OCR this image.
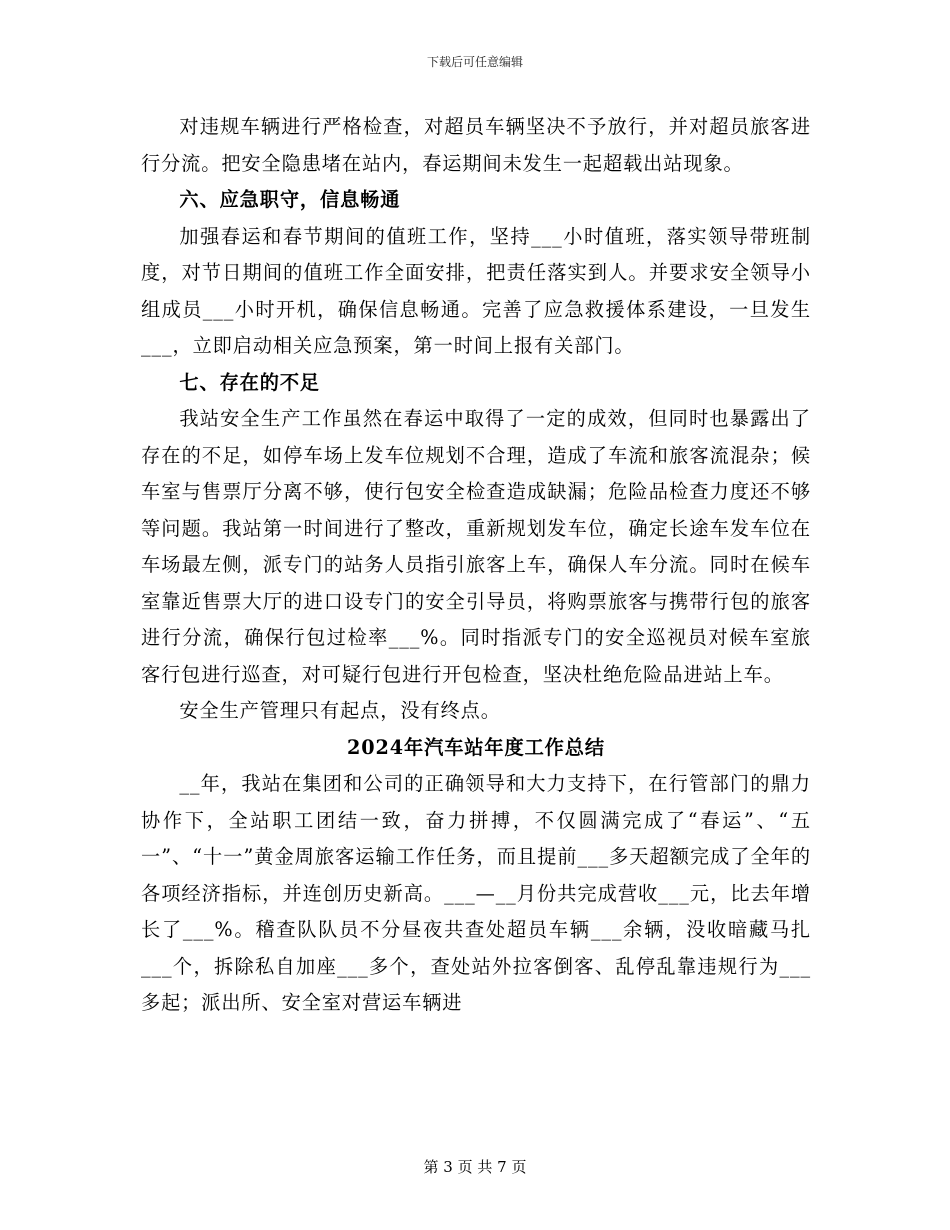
下载后可任意编辑

对违规车辆进行严格检查，对超员车辆坚决不予放行，并对超员旅客进行分流。把安全隐患堵在站内，春运期间未发生一起超载出站现象。

六、应急职守，信息畅通

加强春运和春节期间的值班工作，坚持___小时值班，落实领导带班制度，对节日期间的值班工作全面安排，把责任落实到人。并要求安全领导小组成员___小时开机，确保信息畅通。完善了应急救援体系建设，一旦发生___，立即启动相关应急预案，第一时间上报有关部门。

七、存在的不足

我站安全生产工作虽然在春运中取得了一定的成效，但同时也暴露出了存在的不足，如停车场上发车位规划不合理，造成了车流和旅客流混杂；候车室与售票厅分离不够，使行包安全检查造成缺漏；危险品检查力度还不够等问题。我站第一时间进行了整改，重新规划发车位，确定长途车发车位在车场最左侧，派专门的站务人员指引旅客上车，确保人车分流。同时在候车室靠近售票大厅的进口设专门的安全引导员，将购票旅客与携带行包的旅客进行分流，确保行包过检率___%。同时指派专门的安全巡视员对候车室旅客行包进行巡查，对可疑行包进行开包检查，坚决杜绝危险品进站上车。

安全生产管理只有起点，没有终点。

2024年汽车站年度工作总结

__年，我站在集团和公司的正确领导和大力支持下，在行管部门的鼎力协作下，全站职工团结一致，奋力拼搏，不仅圆满完成了“春运”、“五一”、“十一”黄金周旅客运输工作任务，而且提前___多天超额完成了全年的各项经济指标，并连创历史新高。___—__月份共完成营收___元，比去年增长了___%。稽查队队员不分昼夜共查处超员车辆___余辆，没收暗藏马扎___个，拆除私自加座___多个，查处站外拉客倒客、乱停乱靠违规行为___多起；派出所、安全室对营运车辆进

第 3 页 共 7 页
